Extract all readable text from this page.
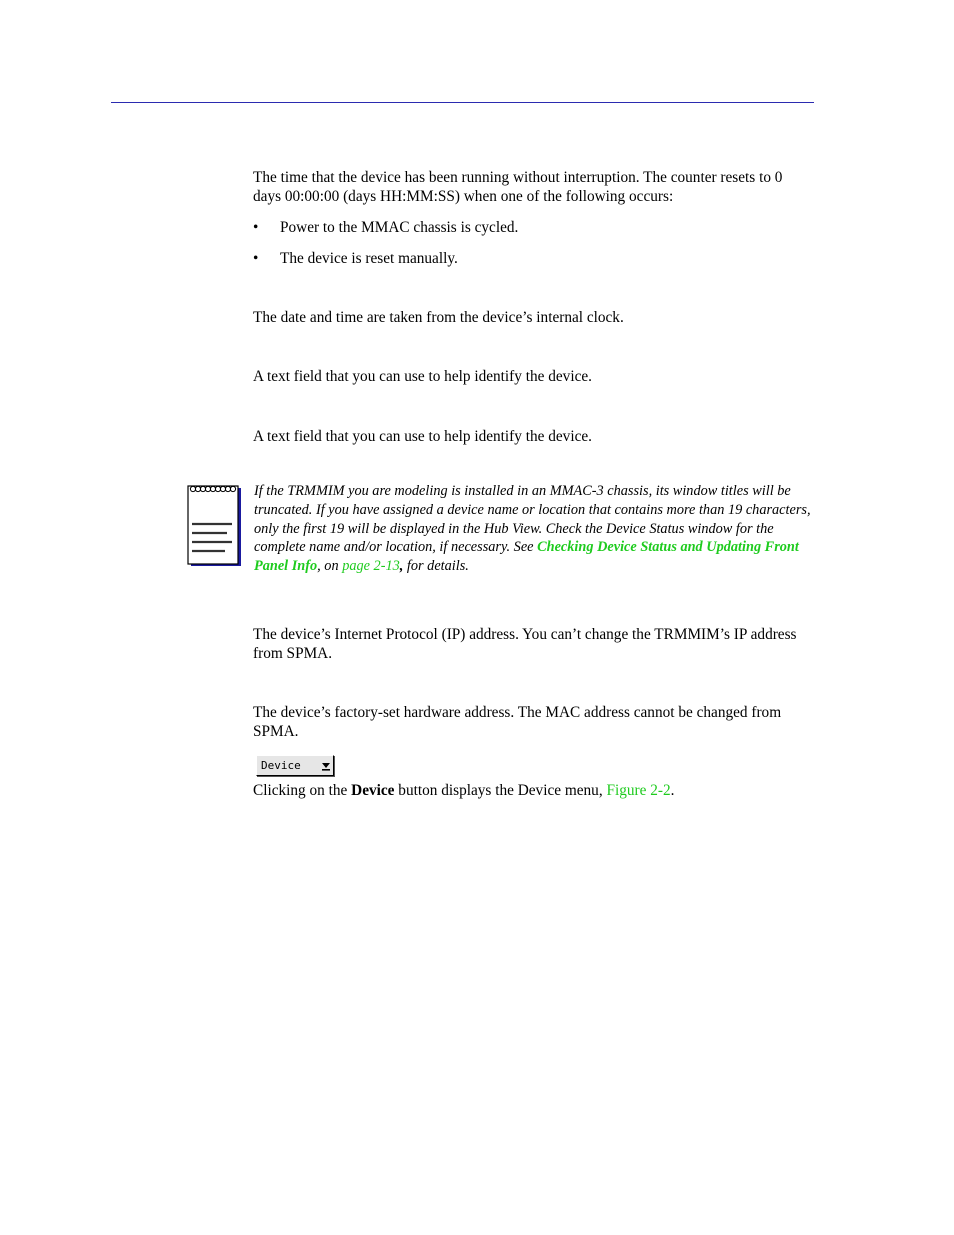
The time that the device has been running without interruption. The counter resets to 0 days 00:00:00 (days HH:MM:SS) when one of the following occurs:

• Power to the MMAC chassis is cycled.
• The device is reset manually.

The date and time are taken from the device’s internal clock.

A text field that you can use to help identify the device.

A text field that you can use to help identify the device.

If the TRMMIM you are modeling is installed in an MMAC-3 chassis, its window titles will be truncated. If you have assigned a device name or location that contains more than 19 characters, only the first 19 will be displayed in the Hub View. Check the Device Status window for the complete name and/or location, if necessary. See Checking Device Status and Updating Front Panel Info, on page 2-13, for details.

The device’s Internet Protocol (IP) address. You can’t change the TRMMIM’s IP address from SPMA.

The device’s factory-set hardware address. The MAC address cannot be changed from SPMA.

Device

Clicking on the Device button displays the Device menu, Figure 2-2.
